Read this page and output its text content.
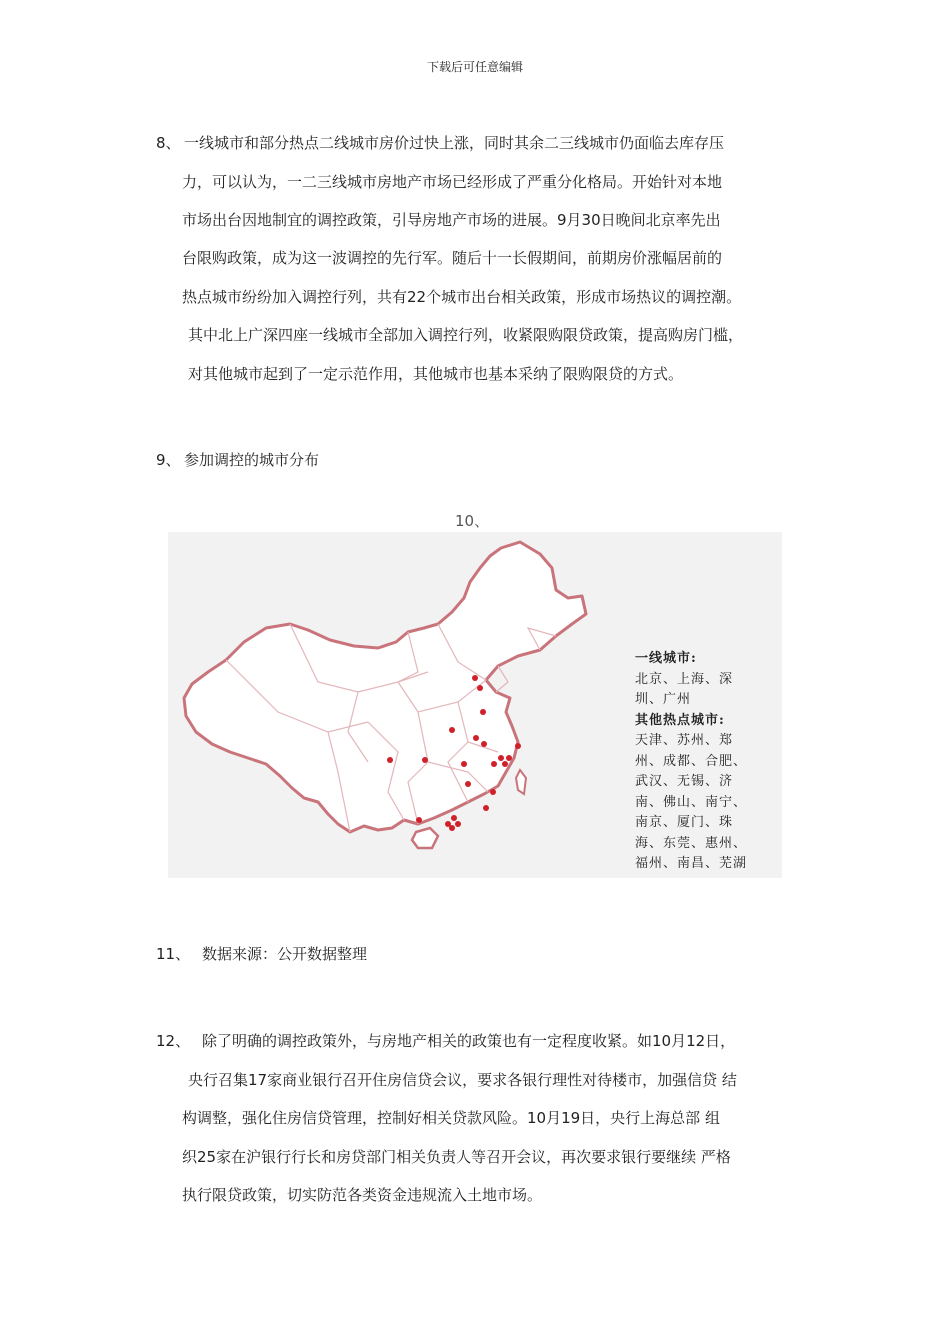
下载后可任意编辑
8、 一线城市和部分热点二线城市房价过快上涨，同时其余二三线城市仍面临去库存压
力，可以认为，一二三线城市房地产市场已经形成了严重分化格局。开始针对本地
市场出台因地制宜的调控政策，引导房地产市场的进展。9月30日晚间北京率先出
台限购政策，成为这一波调控的先行军。随后十一长假期间，前期房价涨幅居前的
热点城市纷纷加入调控行列，共有22个城市出台相关政策，形成市场热议的调控潮。
其中北上广深四座一线城市全部加入调控行列，收紧限购限贷政策，提高购房门槛，
对其他城市起到了一定示范作用，其他城市也基本采纳了限购限贷的方式。
9、 参加调控的城市分布
10、
一线城市:
北京、上海、深
圳、广州
其他热点城市:
天津、苏州、郑
州、成都、合肥、
武汉、无锡、济
南、佛山、南宁、
南京、厦门、珠
海、东莞、惠州、
福州、南昌、芜湖
11、 数据来源：公开数据整理
12、 除了明确的调控政策外，与房地产相关的政策也有一定程度收紧。如10月12日，
央行召集17家商业银行召开住房信贷会议，要求各银行理性对待楼市，加强信贷 结
构调整，强化住房信贷管理，控制好相关贷款风险。10月19日，央行上海总部 组
织25家在沪银行行长和房贷部门相关负责人等召开会议，再次要求银行要继续 严格
执行限贷政策，切实防范各类资金违规流入土地市场。
